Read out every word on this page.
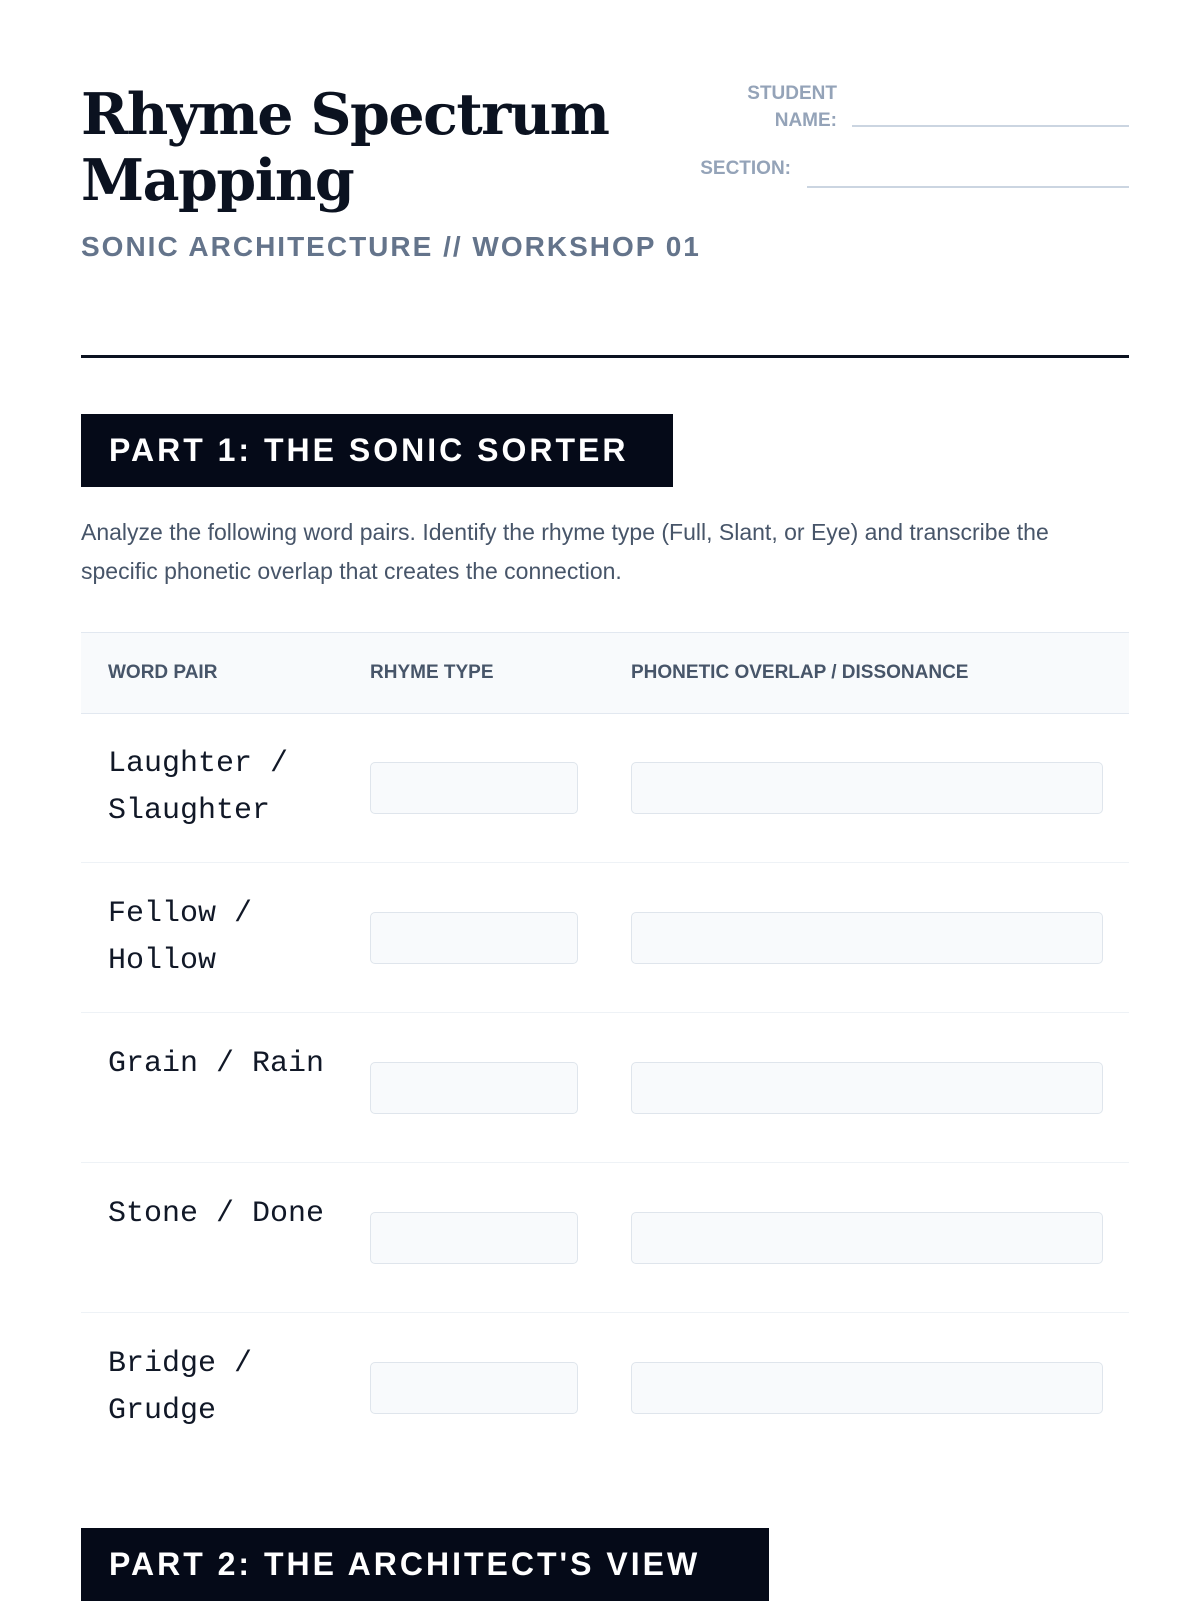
Rhyme Spectrum Mapping
SONIC ARCHITECTURE // WORKSHOP 01
STUDENT NAME:
SECTION:
PART 1: THE SONIC SORTER

Analyze the following word pairs. Identify the rhyme type (Full, Slant, or Eye) and transcribe the specific phonetic overlap that creates the connection.

WORD PAIR	RHYME TYPE	PHONETIC OVERLAP / DISSONANCE

Laughter / Slaughter

Fellow / Hollow

Grain / Rain

Stone / Done

Bridge / Grudge

PART 2: THE ARCHITECT'S VIEW
